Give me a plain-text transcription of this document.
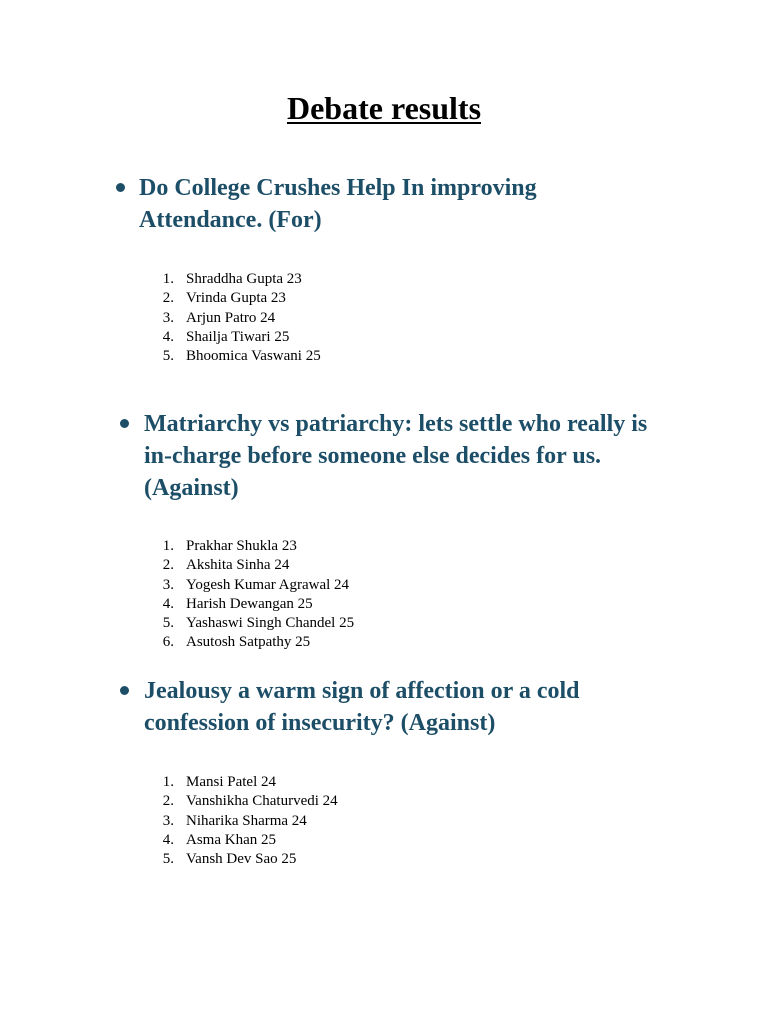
Debate results
Do College Crushes Help In improving Attendance. (For)
1. Shraddha Gupta 23
2. Vrinda Gupta 23
3. Arjun Patro 24
4. Shailja Tiwari 25
5. Bhoomica Vaswani 25
Matriarchy vs patriarchy: lets settle who really is in-charge before someone else decides for us. (Against)
1. Prakhar Shukla 23
2. Akshita Sinha 24
3. Yogesh Kumar Agrawal 24
4. Harish Dewangan 25
5. Yashaswi Singh Chandel 25
6. Asutosh Satpathy 25
Jealousy a warm sign of affection or a cold confession of insecurity? (Against)
1. Mansi Patel 24
2. Vanshikha Chaturvedi 24
3. Niharika Sharma 24
4. Asma Khan 25
5. Vansh Dev Sao 25
